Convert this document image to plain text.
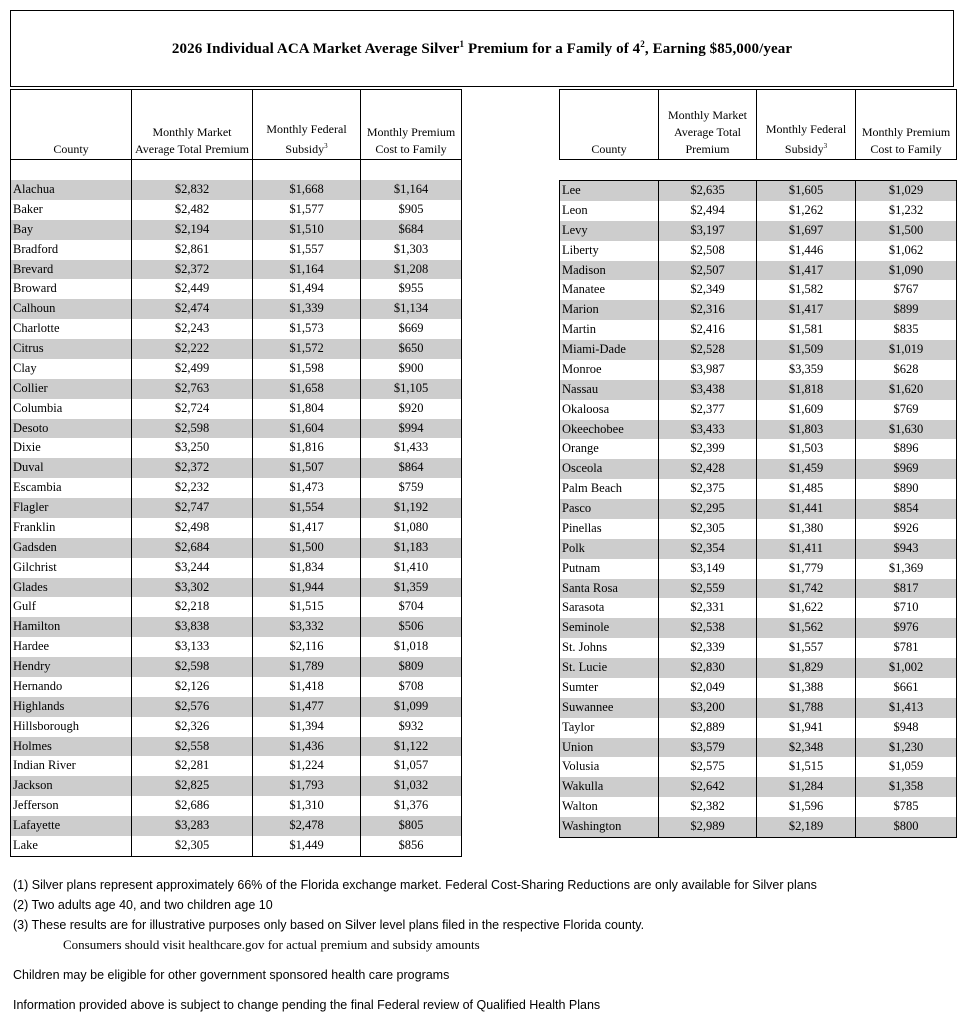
2026 Individual ACA Market Average Silver$^1$ Premium for a Family of $4^2$, Earning $85,000/year
County	Monthly Market Average Total Premium	Monthly Federal Subsidy$^3$	Monthly Premium Cost to Family

Alachua	$2,832	$1,668	$1,164
Baker	$2,482	$1,577	$905
Bay	$2,194	$1,510	$684
Bradford	$2,861	$1,557	$1,303
Brevard	$2,372	$1,164	$1,208
Broward	$2,449	$1,494	$955
Calhoun	$2,474	$1,339	$1,134
Charlotte	$2,243	$1,573	$669
Citrus	$2,222	$1,572	$650
Clay	$2,499	$1,598	$900
Collier	$2,763	$1,658	$1,105
Columbia	$2,724	$1,804	$920
Desoto	$2,598	$1,604	$994
Dixie	$3,250	$1,816	$1,433
Duval	$2,372	$1,507	$864
Escambia	$2,232	$1,473	$759
Flagler	$2,747	$1,554	$1,192
Franklin	$2,498	$1,417	$1,080
Gadsden	$2,684	$1,500	$1,183
Gilchrist	$3,244	$1,834	$1,410
Glades	$3,302	$1,944	$1,359
Gulf	$2,218	$1,515	$704
Hamilton	$3,838	$3,332	$506
Hardee	$3,133	$2,116	$1,018
Hendry	$2,598	$1,789	$809
Hernando	$2,126	$1,418	$708
Highlands	$2,576	$1,477	$1,099
Hillsborough	$2,326	$1,394	$932
Holmes	$2,558	$1,436	$1,122
Indian River	$2,281	$1,224	$1,057
Jackson	$2,825	$1,793	$1,032
Jefferson	$2,686	$1,310	$1,376
Lafayette	$3,283	$2,478	$805
Lake	$2,305	$1,449	$856
County	Monthly Market Average Total Premium	Monthly Federal Subsidy$^3$	Monthly Premium Cost to Family

Lee	$2,635	$1,605	$1,029
Leon	$2,494	$1,262	$1,232
Levy	$3,197	$1,697	$1,500
Liberty	$2,508	$1,446	$1,062
Madison	$2,507	$1,417	$1,090
Manatee	$2,349	$1,582	$767
Marion	$2,316	$1,417	$899
Martin	$2,416	$1,581	$835
Miami-Dade	$2,528	$1,509	$1,019
Monroe	$3,987	$3,359	$628
Nassau	$3,438	$1,818	$1,620
Okaloosa	$2,377	$1,609	$769
Okeechobee	$3,433	$1,803	$1,630
Orange	$2,399	$1,503	$896
Osceola	$2,428	$1,459	$969
Palm Beach	$2,375	$1,485	$890
Pasco	$2,295	$1,441	$854
Pinellas	$2,305	$1,380	$926
Polk	$2,354	$1,411	$943
Putnam	$3,149	$1,779	$1,369
Santa Rosa	$2,559	$1,742	$817
Sarasota	$2,331	$1,622	$710
Seminole	$2,538	$1,562	$976
St. Johns	$2,339	$1,557	$781
St. Lucie	$2,830	$1,829	$1,002
Sumter	$2,049	$1,388	$661
Suwannee	$3,200	$1,788	$1,413
Taylor	$2,889	$1,941	$948
Union	$3,579	$2,348	$1,230
Volusia	$2,575	$1,515	$1,059
Wakulla	$2,642	$1,284	$1,358
Walton	$2,382	$1,596	$785
Washington	$2,989	$2,189	$800
(1) Silver plans represent approximately 66% of the Florida exchange market. Federal Cost-Sharing Reductions are only available for Silver plans
(2) Two adults age 40, and two children age 10
(3) These results are for illustrative purposes only based on Silver level plans filed in the respective Florida county.
Consumers should visit healthcare.gov for actual premium and subsidy amounts
Children may be eligible for other government sponsored health care programs
Information provided above is subject to change pending the final Federal review of Qualified Health Plans
